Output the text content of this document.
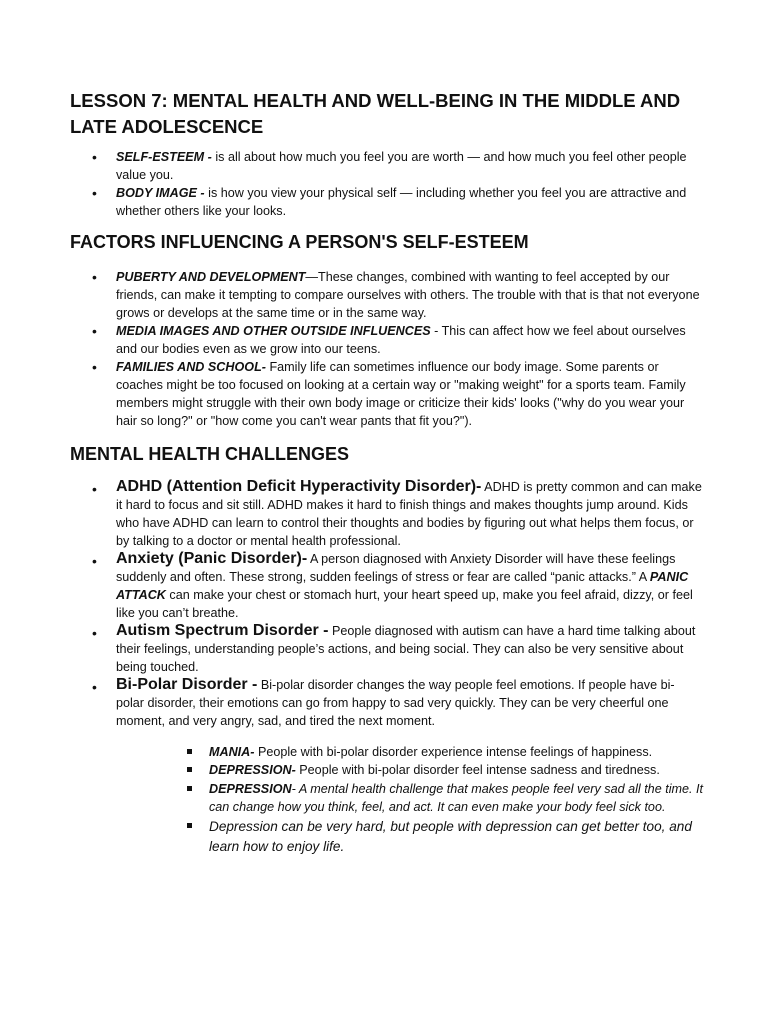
LESSON 7: MENTAL HEALTH AND WELL-BEING IN THE MIDDLE AND LATE ADOLESCENCE
• SELF-ESTEEM - is all about how much you feel you are worth — and how much you feel other people value you.
• BODY IMAGE - is how you view your physical self — including whether you feel you are attractive and whether others like your looks.
FACTORS INFLUENCING A PERSON'S SELF-ESTEEM
• PUBERTY AND DEVELOPMENT—These changes, combined with wanting to feel accepted by our friends, can make it tempting to compare ourselves with others. The trouble with that is that not everyone grows or develops at the same time or in the same way.
• MEDIA IMAGES AND OTHER OUTSIDE INFLUENCES - This can affect how we feel about ourselves and our bodies even as we grow into our teens.
• FAMILIES AND SCHOOL- Family life can sometimes influence our body image. Some parents or coaches might be too focused on looking at a certain way or "making weight" for a sports team. Family members might struggle with their own body image or criticize their kids' looks ("why do you wear your hair so long?" or "how come you can't wear pants that fit you?").
MENTAL HEALTH CHALLENGES
• ADHD (Attention Deficit Hyperactivity Disorder)- ADHD is pretty common and can make it hard to focus and sit still. ADHD makes it hard to finish things and makes thoughts jump around. Kids who have ADHD can learn to control their thoughts and bodies by figuring out what helps them focus, or by talking to a doctor or mental health professional.
• Anxiety (Panic Disorder)- A person diagnosed with Anxiety Disorder will have these feelings suddenly and often. These strong, sudden feelings of stress or fear are called “panic attacks.” A PANIC ATTACK can make your chest or stomach hurt, your heart speed up, make you feel afraid, dizzy, or feel like you can’t breathe.
• Autism Spectrum Disorder - People diagnosed with autism can have a hard time talking about their feelings, understanding people’s actions, and being social. They can also be very sensitive about being touched.
• Bi-Polar Disorder - Bi-polar disorder changes the way people feel emotions. If people have bi-polar disorder, their emotions can go from happy to sad very quickly. They can be very cheerful one moment, and very angry, sad, and tired the next moment.
MANIA- People with bi-polar disorder experience intense feelings of happiness.
DEPRESSION- People with bi-polar disorder feel intense sadness and tiredness.
DEPRESSION- A mental health challenge that makes people feel very sad all the time. It can change how you think, feel, and act. It can even make your body feel sick too.
Depression can be very hard, but people with depression can get better too, and learn how to enjoy life.
